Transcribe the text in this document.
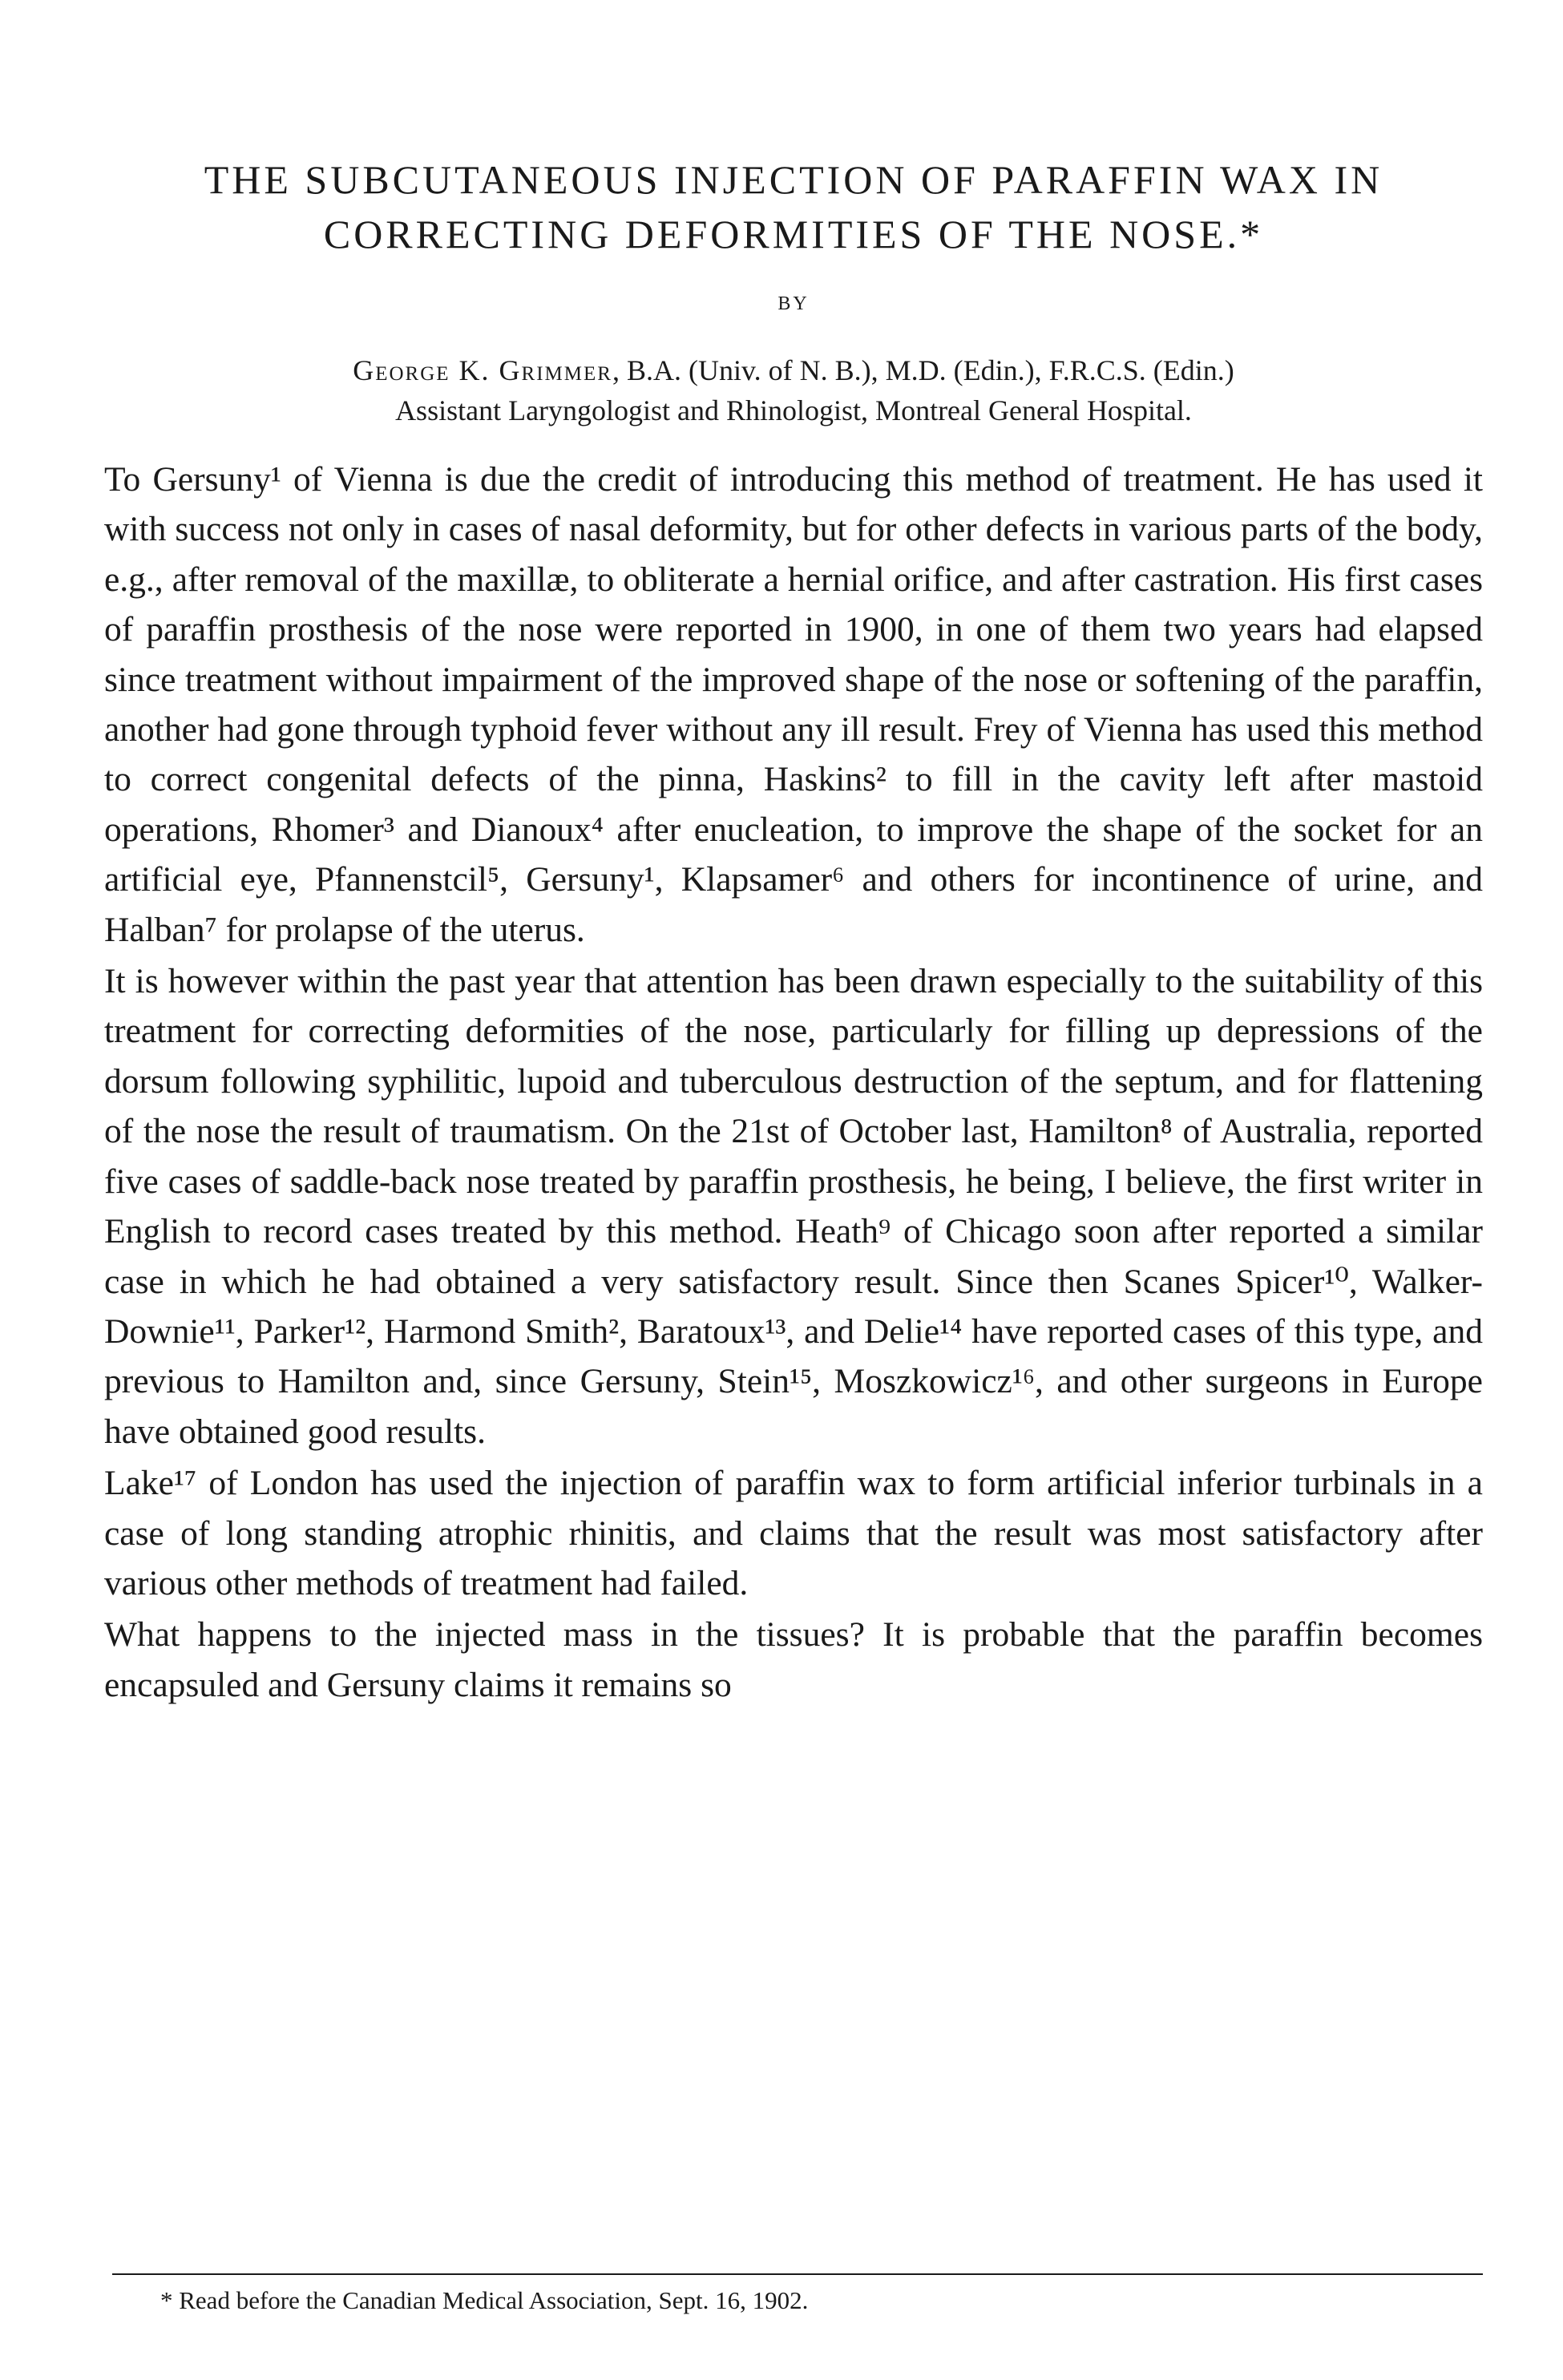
THE SUBCUTANEOUS INJECTION OF PARAFFIN WAX IN
CORRECTING DEFORMITIES OF THE NOSE.*
BY

George K. Grimmer, B.A. (Univ. of N. B.), M.D. (Edin.), F.R.C.S. (Edin.)

Assistant Laryngologist and Rhinologist, Montreal General Hospital.

To Gersuny¹ of Vienna is due the credit of introducing this method of treatment. He has used it with success not only in cases of nasal deformity, but for other defects in various parts of the body, e.g., after removal of the maxillæ, to obliterate a hernial orifice, and after castration. His first cases of paraffin prosthesis of the nose were reported in 1900, in one of them two years had elapsed since treatment without impairment of the improved shape of the nose or softening of the paraffin, another had gone through typhoid fever without any ill result. Frey of Vienna has used this method to correct congenital defects of the pinna, Haskins² to fill in the cavity left after mastoid operations, Rhomer³ and Dianoux⁴ after enucleation, to improve the shape of the socket for an artificial eye, Pfannenstcil⁵, Gersuny¹, Klapsamer⁶ and others for incontinence of urine, and Halban⁷ for prolapse of the uterus.

It is however within the past year that attention has been drawn especially to the suitability of this treatment for correcting deformities of the nose, particularly for filling up depressions of the dorsum following syphilitic, lupoid and tuberculous destruction of the septum, and for flattening of the nose the result of traumatism. On the 21st of October last, Hamilton⁸ of Australia, reported five cases of saddle-back nose treated by paraffin prosthesis, he being, I believe, the first writer in English to record cases treated by this method. Heath⁹ of Chicago soon after reported a similar case in which he had obtained a very satisfactory result. Since then Scanes Spicer¹⁰, Walker-Downie¹¹, Parker¹², Harmond Smith², Baratoux¹³, and Delie¹⁴ have reported cases of this type, and previous to Hamilton and, since Gersuny, Stein¹⁵, Moszkowicz¹⁶, and other surgeons in Europe have obtained good results.

Lake¹⁷ of London has used the injection of paraffin wax to form artificial inferior turbinals in a case of long standing atrophic rhinitis, and claims that the result was most satisfactory after various other methods of treatment had failed.

What happens to the injected mass in the tissues? It is probable that the paraffin becomes encapsuled and Gersuny claims it remains so

* Read before the Canadian Medical Association, Sept. 16, 1902.
